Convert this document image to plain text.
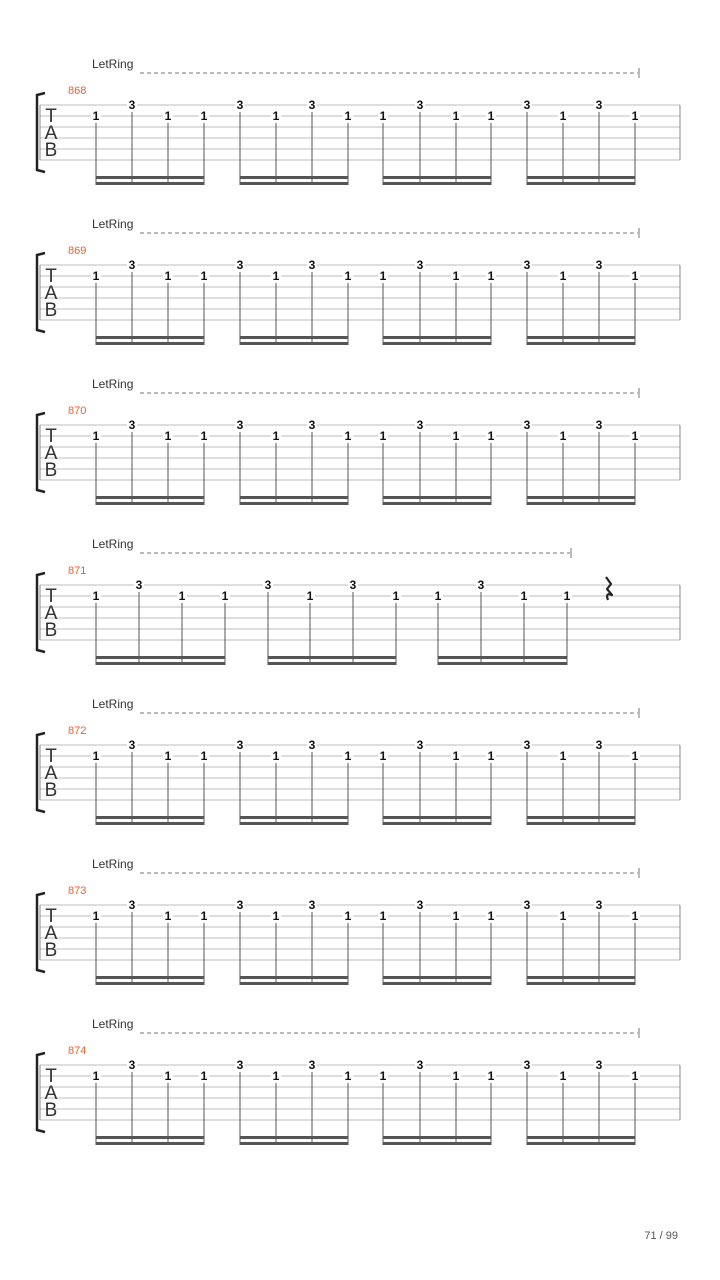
LetRing
868
T
A
B
1
3
1 1
3
1
3
1 1
3
1 1
3
1
3
1
LetRing
869
T
A
B
1
3
1 1
3
1
3
1 1
3
1 1
3
1
3
1
LetRing
870
T
A
B
1
3
1 1
3
1
3
1 1
3
1 1
3
1
3
1
LetRing
871
T
A
B
1
3
1	1
3
1
3
1	1
3
1	1
LetRing
872
T
A
B
1
3
1 1
3
1
3
1 1
3
1 1
3
1
3
1
LetRing
873
T
A
B
1
3
1 1
3
1
3
1 1
3
1 1
3
1
3
1
LetRing
874
T
A
B
1
3
1 1
3
1
3
1 1
3
1 1
3
1
3
1
71 / 99
